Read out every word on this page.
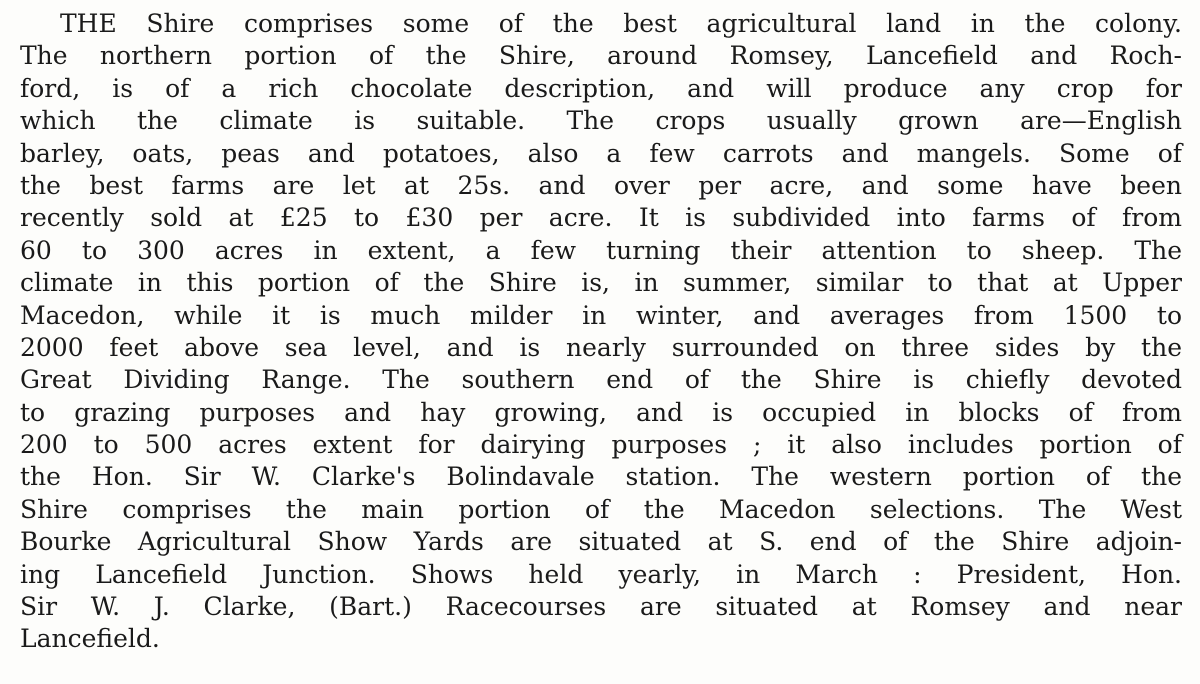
THE Shire comprises some of the best agricultural land in the colony.
The northern portion of the Shire, around Romsey, Lancefield and Roch-
ford, is of a rich chocolate description, and will produce any crop for
which the climate is suitable. The crops usually grown are—English
barley, oats, peas and potatoes, also a few carrots and mangels. Some of
the best farms are let at 25s. and over per acre, and some have been
recently sold at £25 to £30 per acre. It is subdivided into farms of from
60 to 300 acres in extent, a few turning their attention to sheep. The
climate in this portion of the Shire is, in summer, similar to that at Upper
Macedon, while it is much milder in winter, and averages from 1500 to
2000 feet above sea level, and is nearly surrounded on three sides by the
Great Dividing Range. The southern end of the Shire is chiefly devoted
to grazing purposes and hay growing, and is occupied in blocks of from
200 to 500 acres extent for dairying purposes ; it also includes portion of
the Hon. Sir W. Clarke's Bolindavale station. The western portion of the
Shire comprises the main portion of the Macedon selections. The West
Bourke Agricultural Show Yards are situated at S. end of the Shire adjoin-
ing Lancefield Junction. Shows held yearly, in March : President, Hon.
Sir W. J. Clarke, (Bart.) Racecourses are situated at Romsey and near
Lancefield.
